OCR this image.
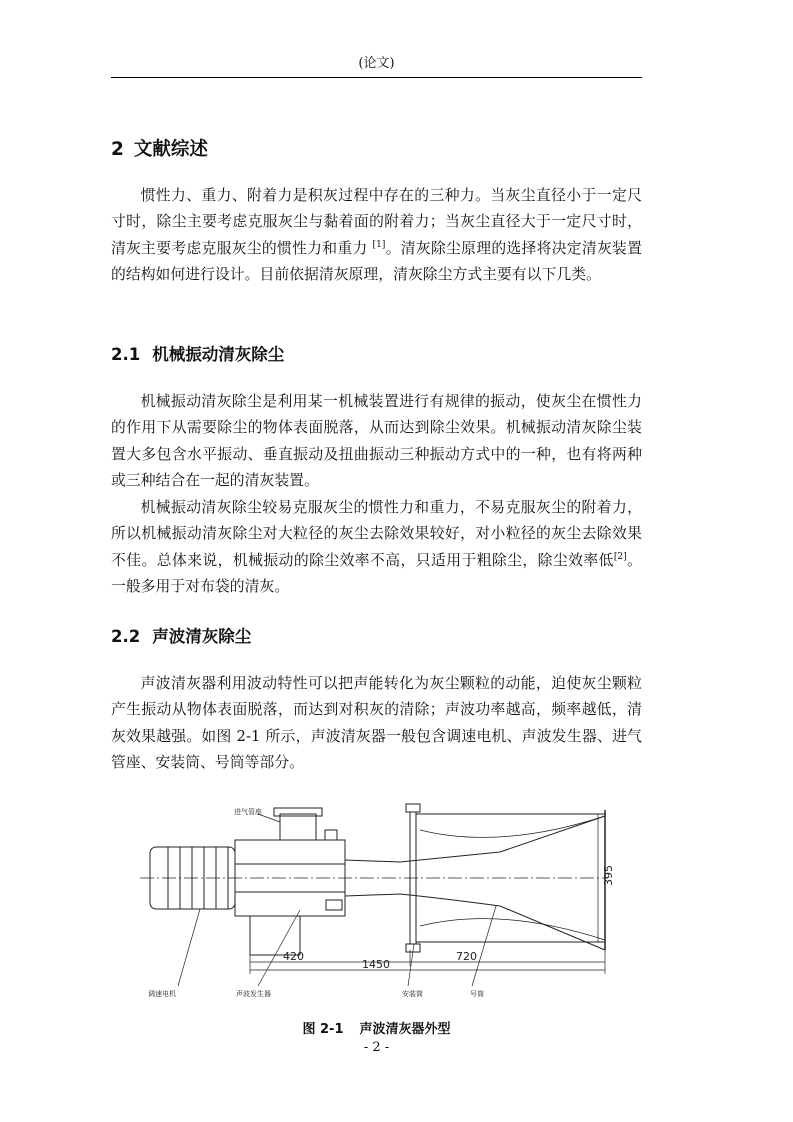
(论文)
2 文献综述

惯性力、重力、附着力是积灰过程中存在的三种力。当灰尘直径小于一定尺寸时，除尘主要考虑克服灰尘与黏着面的附着力；当灰尘直径大于一定尺寸时，清灰主要考虑克服灰尘的惯性力和重力 [1]。清灰除尘原理的选择将决定清灰装置的结构如何进行设计。目前依据清灰原理，清灰除尘方式主要有以下几类。

2.1 机械振动清灰除尘

机械振动清灰除尘是利用某一机械装置进行有规律的振动，使灰尘在惯性力的作用下从需要除尘的物体表面脱落，从而达到除尘效果。机械振动清灰除尘装置大多包含水平振动、垂直振动及扭曲振动三种振动方式中的一种，也有将两种或三种结合在一起的清灰装置。

机械振动清灰除尘较易克服灰尘的惯性力和重力，不易克服灰尘的附着力，所以机械振动清灰除尘对大粒径的灰尘去除效果较好，对小粒径的灰尘去除效果不佳。总体来说，机械振动的除尘效率不高，只适用于粗除尘，除尘效率低[2]。一般多用于对布袋的清灰。

2.2 声波清灰除尘

声波清灰器利用波动特性可以把声能转化为灰尘颗粒的动能，迫使灰尘颗粒产生振动从物体表面脱落，而达到对积灰的清除；声波功率越高，频率越低，清灰效果越强。如图 2-1 所示，声波清灰器一般包含调速电机、声波发生器、进气管座、安装筒、号筒等部分。

进气管座
调速电机	声波发生器	安装筒	号筒
420	720
1450
395
图 2-1 声波清灰器外型
- 2 -
